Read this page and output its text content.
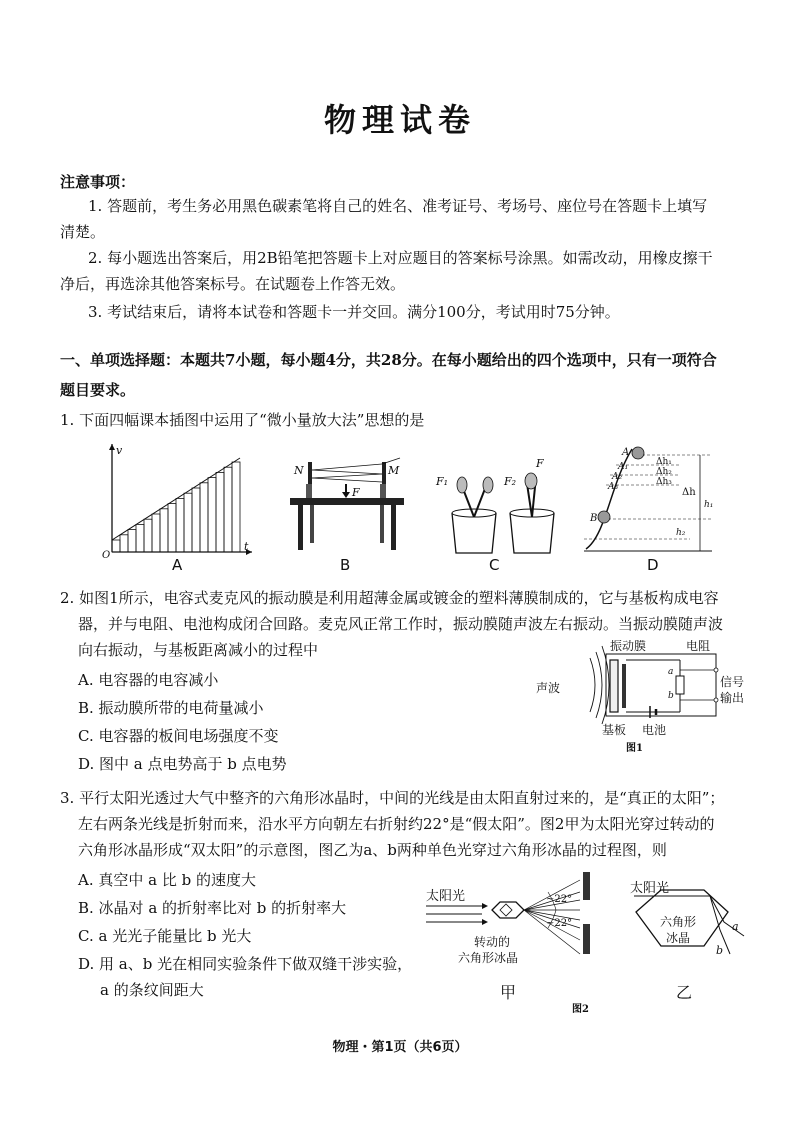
物理试卷
注意事项：
1. 答题前，考生务必用黑色碳素笔将自己的姓名、准考证号、考场号、座位号在答题卡上填写
清楚。
2. 每小题选出答案后，用2B铅笔把答题卡上对应题目的答案标号涂黑。如需改动，用橡皮擦干
净后，再选涂其他答案标号。在试题卷上作答无效。
3. 考试结束后，请将本试卷和答题卡一并交回。满分100分，考试用时75分钟。
一、单项选择题：本题共7小题，每小题4分，共28分。在每小题给出的四个选项中，只有一项符合
题目要求。
1. 下面四幅课本插图中运用了“微小量放大法”思想的是
v
t
O
A
N	M
F
B
F₁	F₂
F
C
A
A₁
A₂
A₃
B
Δh₁
Δh₂
Δh₃
Δh
h₁
h₂
D
2. 如图1所示，电容式麦克风的振动膜是利用超薄金属或镀金的塑料薄膜制成的，它与基板构成电容
器，并与电阻、电池构成闭合回路。麦克风正常工作时，振动膜随声波左右振动。当振动膜随声波
向右振动，与基板距离减小的过程中
A. 电容器的电容减小
B. 振动膜所带的电荷量减小
C. 电容器的板间电场强度不变
D. 图中 a 点电势高于 b 点电势
振动膜	电阻
声波	信号
输出
基板 电池
图1
a
b
3. 平行太阳光透过大气中整齐的六角形冰晶时，中间的光线是由太阳直射过来的，是“真正的太阳”；
左右两条光线是折射而来，沿水平方向朝左右折射约22°是“假太阳”。图2甲为太阳光穿过转动的
六角形冰晶形成“双太阳”的示意图，图乙为a、b两种单色光穿过六角形冰晶的过程图，则
A. 真空中 a 比 b 的速度大
B. 冰晶对 a 的折射率比对 b 的折射率大
C. a 光光子能量比 b 光大
D. 用 a、b 光在相同实验条件下做双缝干涉实验，
a 的条纹间距大
太阳光	~22°
~22°
转动的
六角形冰晶
甲
图2
太阳光
六角形
冰晶
a
b
乙
物理・第1页（共6页）
